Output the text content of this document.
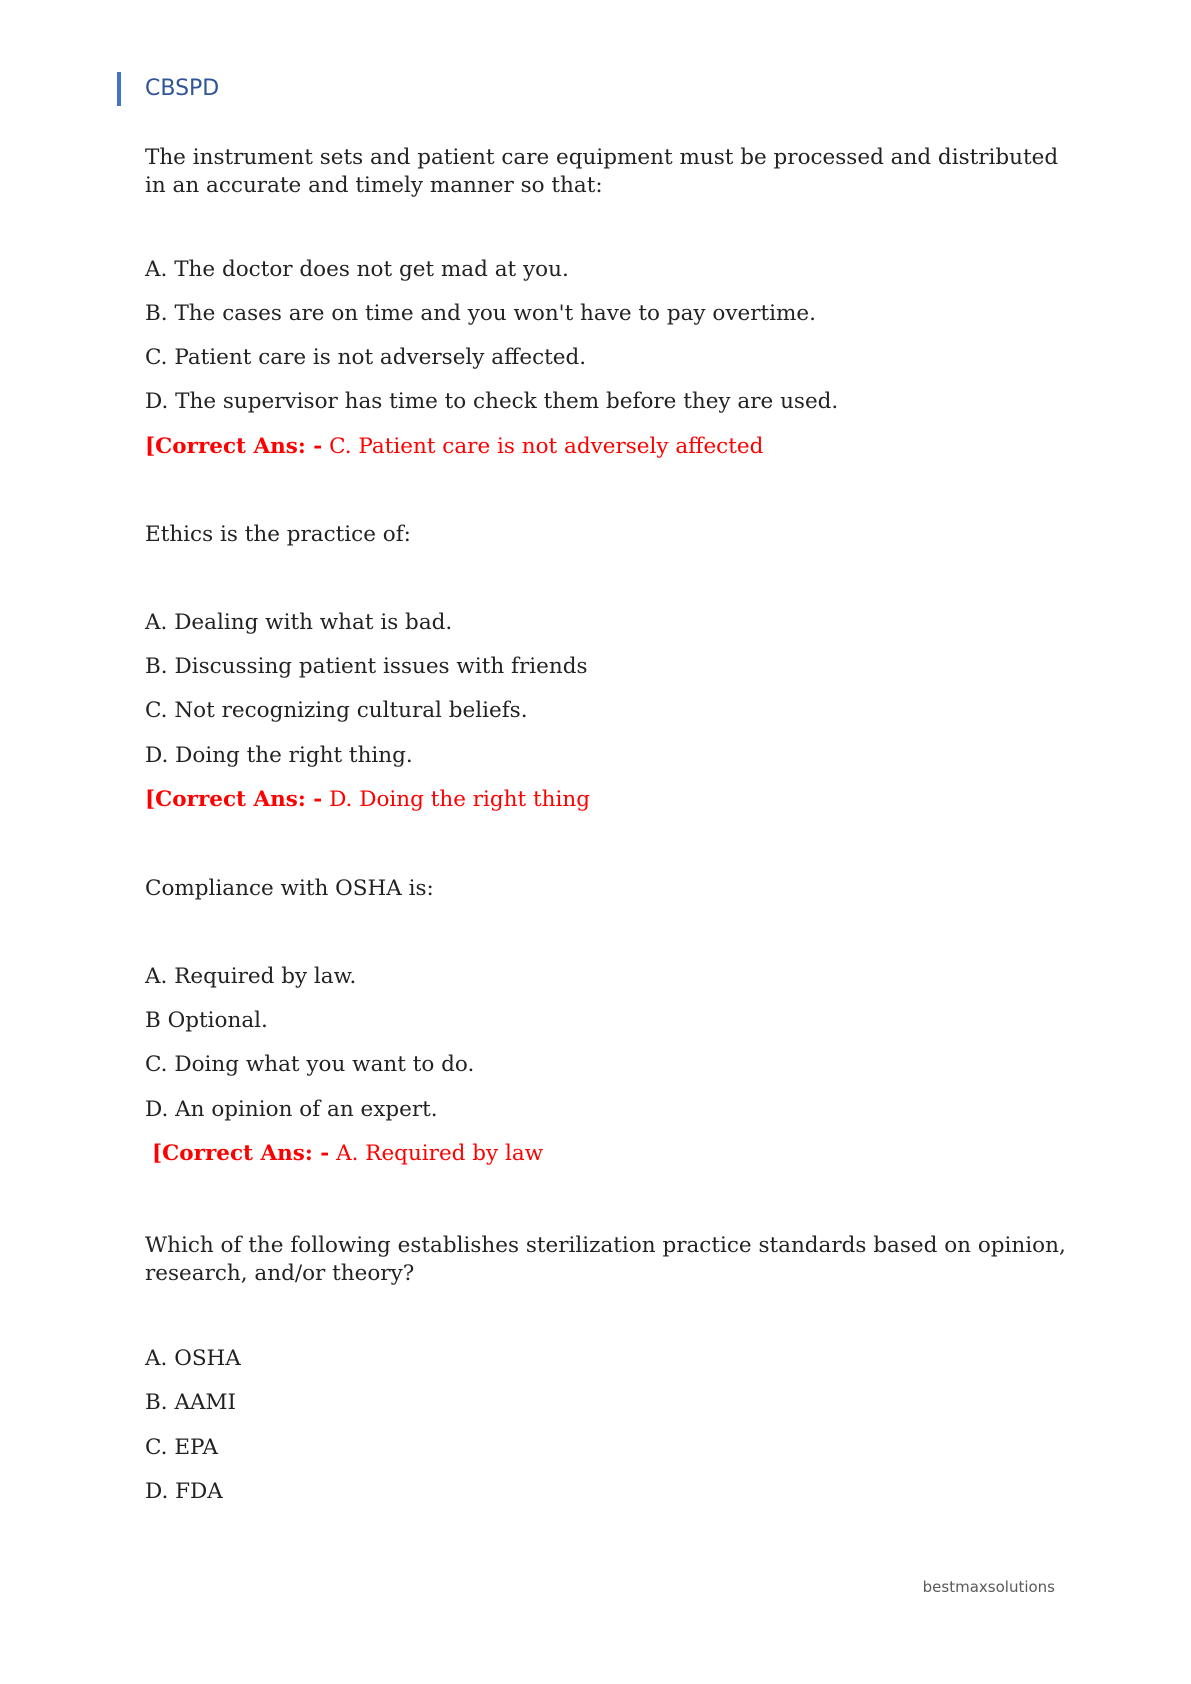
CBSPD

The instrument sets and patient care equipment must be processed and distributed in an accurate and timely manner so that:

A. The doctor does not get mad at you.
B. The cases are on time and you won't have to pay overtime.
C. Patient care is not adversely affected.
D. The supervisor has time to check them before they are used.
[Correct Ans: - C. Patient care is not adversely affected
Ethics is the practice of:
A. Dealing with what is bad.
B. Discussing patient issues with friends
C. Not recognizing cultural beliefs.
D. Doing the right thing.
[Correct Ans: - D. Doing the right thing
Compliance with OSHA is:
A. Required by law.
B Optional.
C. Doing what you want to do.
D. An opinion of an expert.
[Correct Ans: - A. Required by law

Which of the following establishes sterilization practice standards based on opinion, research, and/or theory?

A. OSHA
B. AAMI
C. EPA
D. FDA
bestmaxsolutions
